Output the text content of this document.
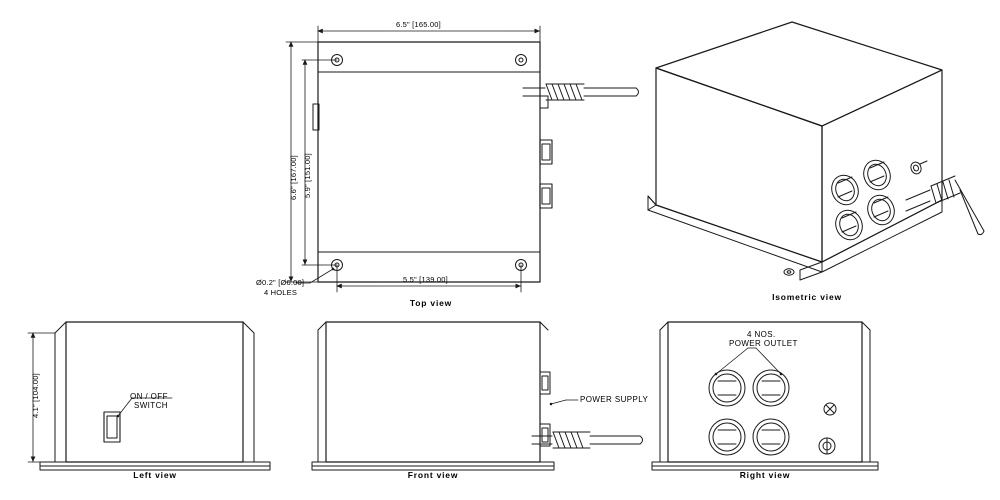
6.5" [165.00]
6.6" [167.00] 5.9" [151.00]
5.5" [139.00]
Ø0.2" [Ø6.00]
4 HOLES
Top view
Isometric view
4.1" [104.00]	ON / OFF
SWITCH
Left view
POWER SUPPLY
Front view
4 NOS.
POWER OUTLET
Right view
